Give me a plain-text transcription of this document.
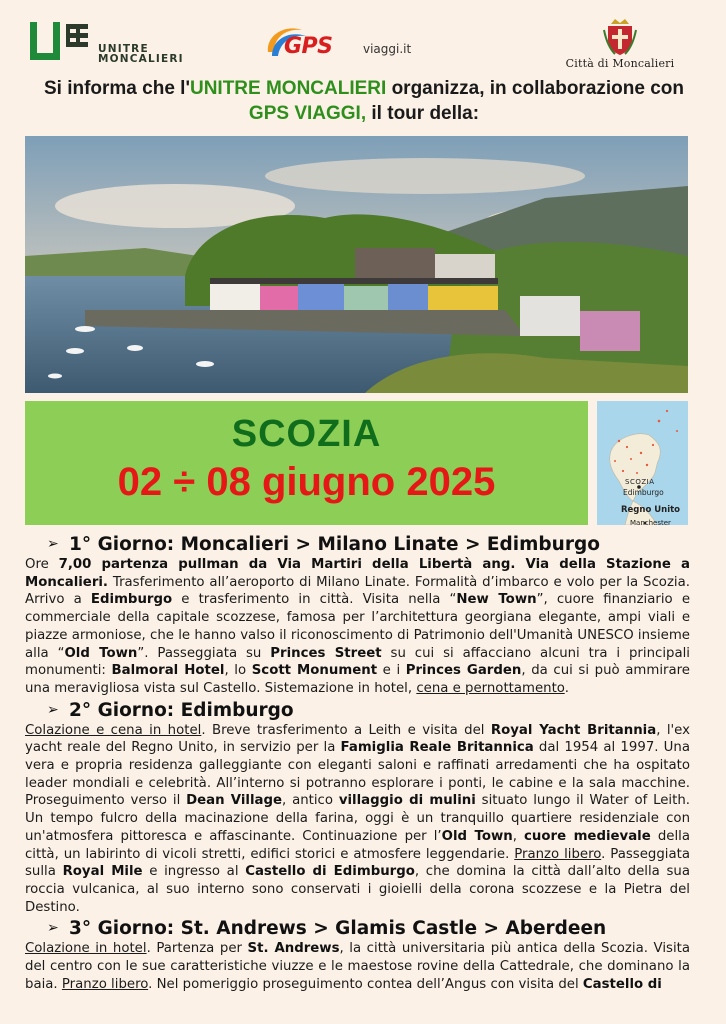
UNITRE
MONCALIERI	GPS	viaggi.it
Città di Moncalieri
Si informa che l'UNITRE MONCALIERI organizza, in collaborazione con GPS VIAGGI, il tour della:
SCOZIA
02 ÷ 08 giugno 2025	SCOZIA
Edimburgo
Regno Unito
Manchester
➢ 1° Giorno: Moncalieri > Milano Linate > Edimburgo

Ore 7,00 partenza pullman da Via Martiri della Libertà ang. Via della Stazione a Moncalieri. Trasferimento all’aeroporto di Milano Linate. Formalità d’imbarco e volo per la Scozia. Arrivo a Edimburgo e trasferimento in città. Visita nella “New Town”, cuore finanziario e commerciale della capitale scozzese, famosa per l’architettura georgiana elegante, ampi viali e piazze armoniose, che le hanno valso il riconoscimento di Patrimonio dell'Umanità UNESCO insieme alla “Old Town”. Passeggiata su Princes Street su cui si affacciano alcuni tra i principali monumenti: Balmoral Hotel, lo Scott Monument e i Princes Garden, da cui si può ammirare una meravigliosa vista sul Castello. Sistemazione in hotel, cena e pernottamento.

➢ 2° Giorno: Edimburgo

Colazione e cena in hotel. Breve trasferimento a Leith e visita del Royal Yacht Britannia, l'ex yacht reale del Regno Unito, in servizio per la Famiglia Reale Britannica dal 1954 al 1997. Una vera e propria residenza galleggiante con eleganti saloni e raffinati arredamenti che ha ospitato leader mondiali e celebrità. All’interno si potranno esplorare i ponti, le cabine e la sala macchine. Proseguimento verso il Dean Village, antico villaggio di mulini situato lungo il Water of Leith. Un tempo fulcro della macinazione della farina, oggi è un tranquillo quartiere residenziale con un'atmosfera pittoresca e affascinante. Continuazione per l’Old Town, cuore medievale della città, un labirinto di vicoli stretti, edifici storici e atmosfere leggendarie. Pranzo libero. Passeggiata sulla Royal Mile e ingresso al Castello di Edimburgo, che domina la città dall’alto della sua roccia vulcanica, al suo interno sono conservati i gioielli della corona scozzese e la Pietra del Destino.

➢ 3° Giorno: St. Andrews > Glamis Castle > Aberdeen

Colazione in hotel. Partenza per St. Andrews, la città universitaria più antica della Scozia. Visita del centro con le sue caratteristiche viuzze e le maestose rovine della Cattedrale, che dominano la baia. Pranzo libero. Nel pomeriggio proseguimento contea dell’Angus con visita del Castello di
